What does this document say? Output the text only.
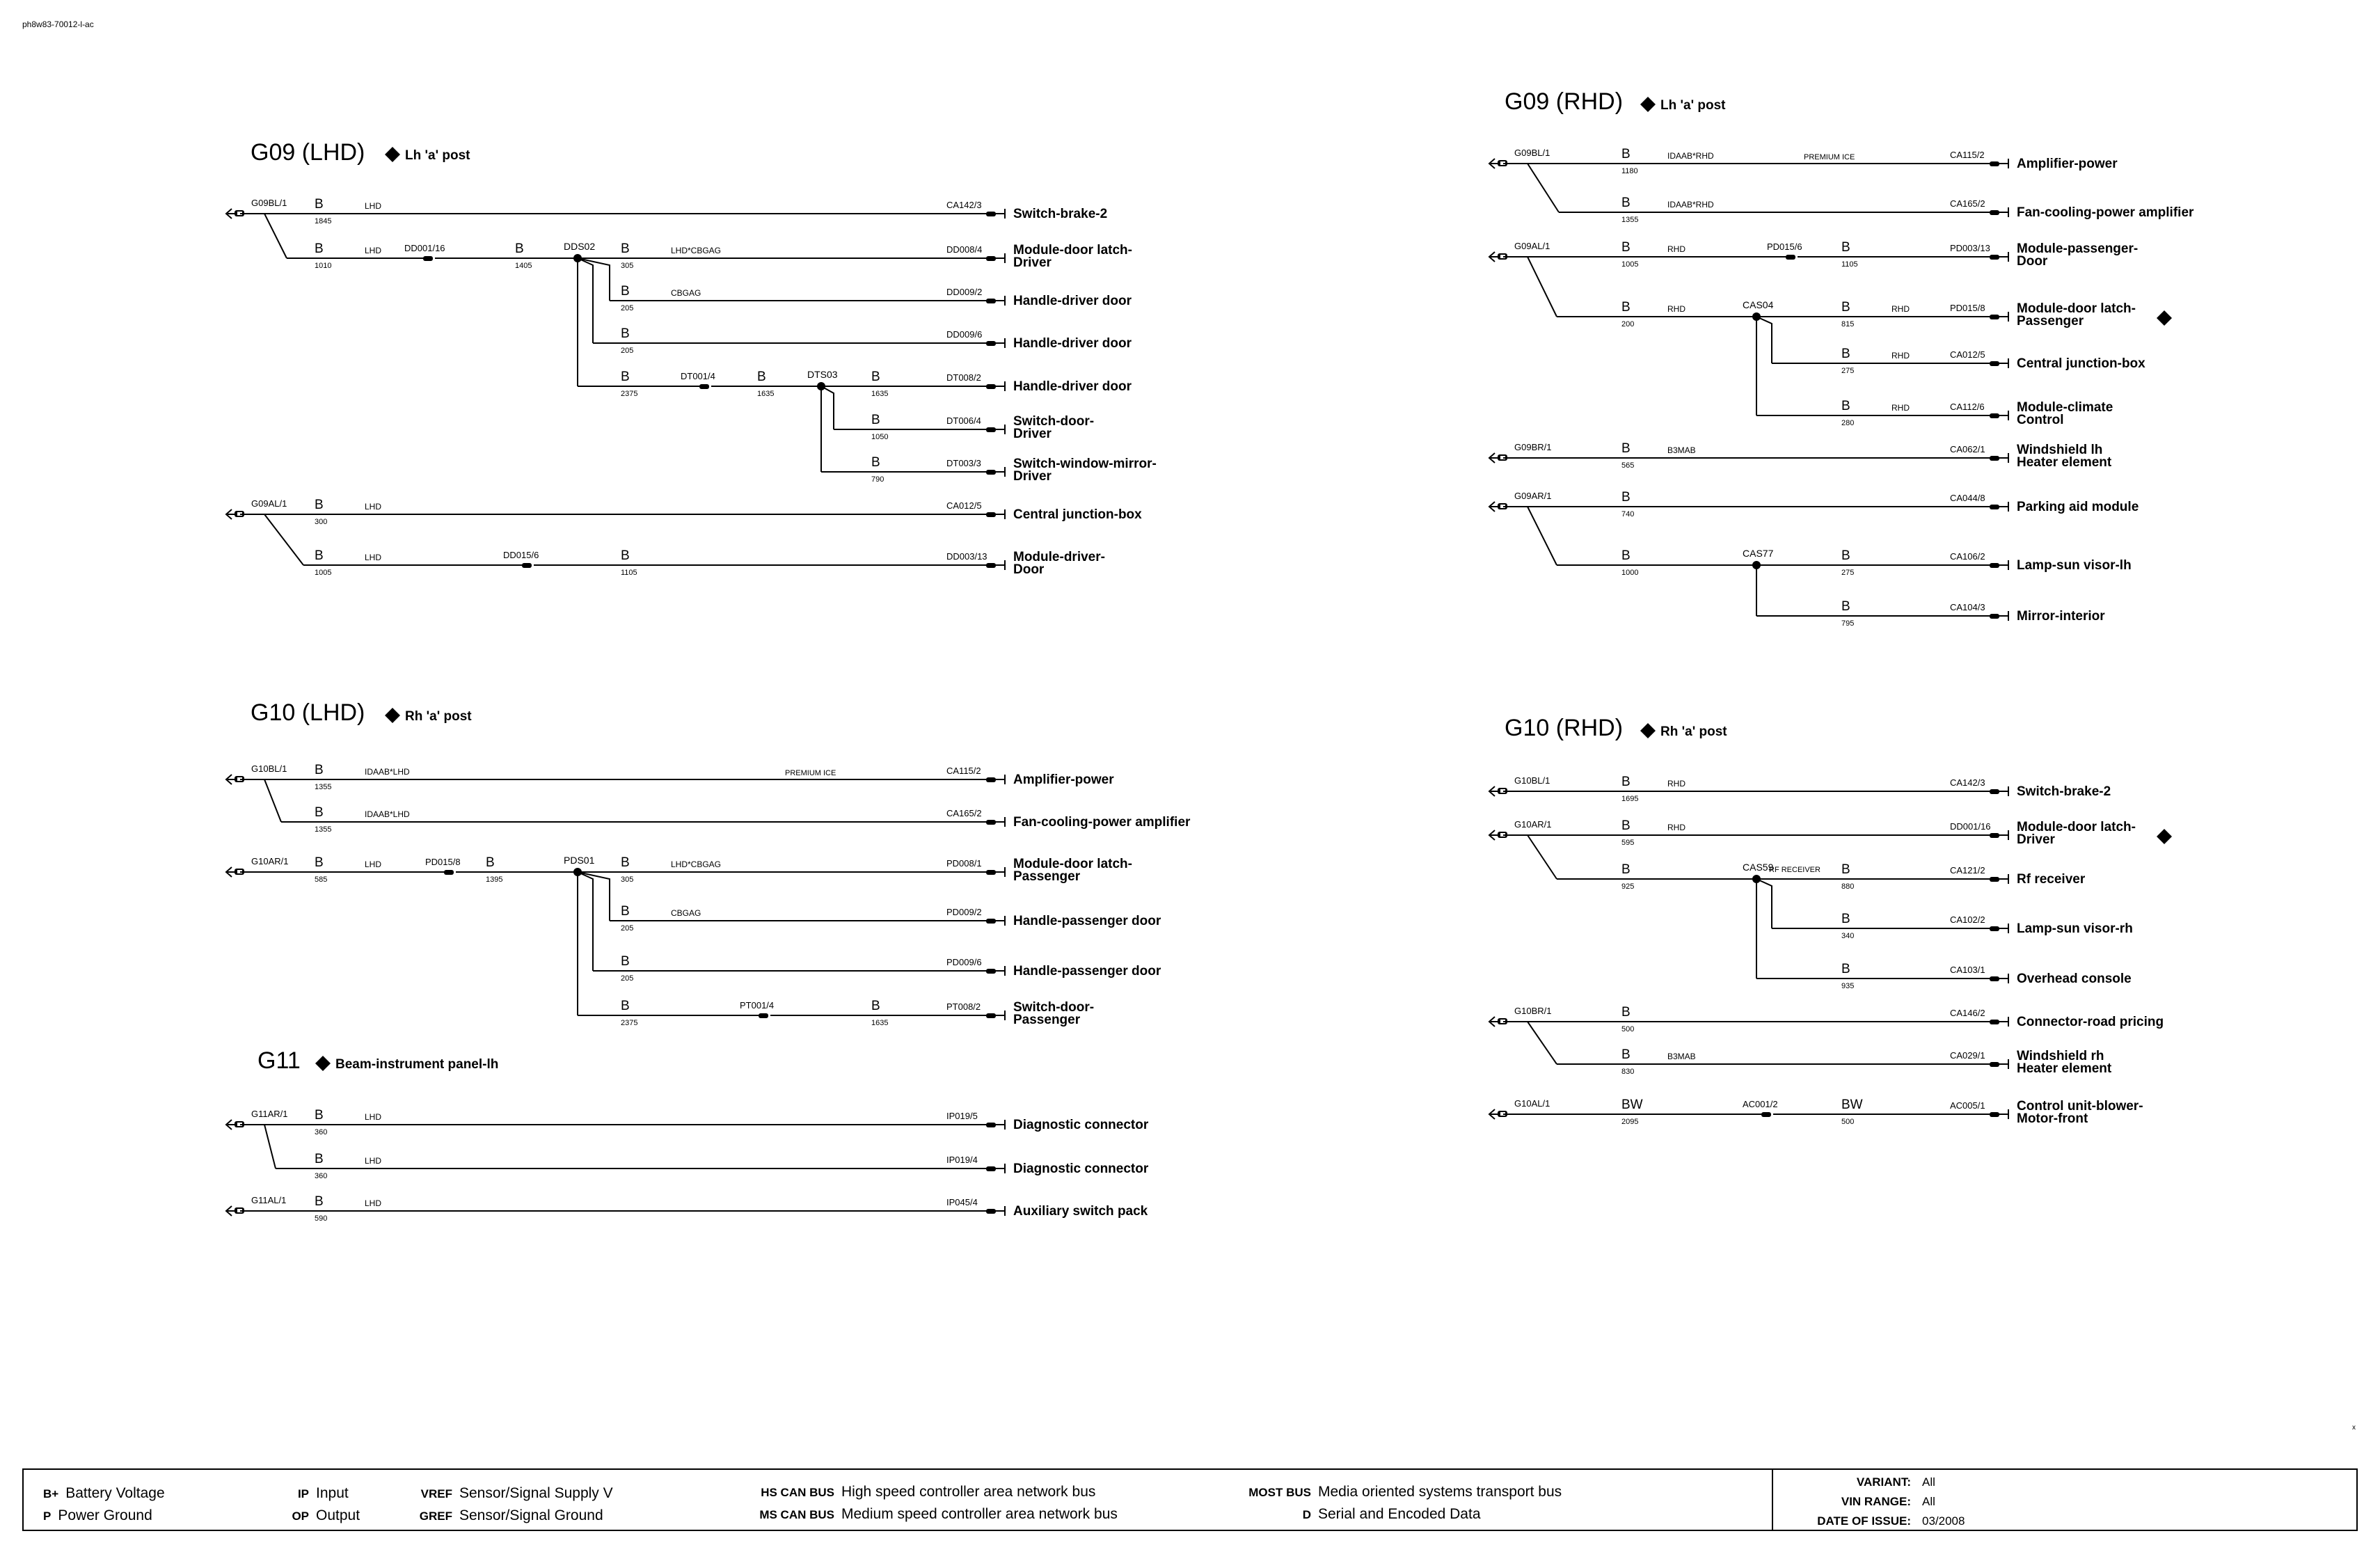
ph8w83-70012-l-ac
G09 (LHD)	Lh 'a' post
G09BL/1 B
1845
LHD	CA142/3
Switch-brake-2
B
1010
LHD	DD001/16	B
1405
DDS02 B
305
LHD*CBGAG	DD008/4 Module-door latch-
Driver
B
205
CBGAG	DD009/2
Handle-driver door
B
205
DD009/6
Handle-driver door
B
2375
DT001/4	B
1635
DTS03	B
1635
DT008/2
Handle-driver door
B
1050
DT006/4 Switch-door-
Driver
B
790
DT003/3 Switch-window-mirror-
Driver
G09AL/1 B
300
LHD	CA012/5
Central junction-box
B
1005
LHD	DD015/6	B
1105
DD003/13 Module-driver-
Door
G10 (LHD)	Rh 'a' post
G10BL/1 B
1355
IDAAB*LHD	PREMIUM ICE	CA115/2
Amplifier-power
B
1355
IDAAB*LHD	CA165/2
Fan-cooling-power amplifier
G10AR/1 B
585
LHD	PD015/8 B
1395
PDS01 B
305
LHD*CBGAG	PD008/1 Module-door latch-
Passenger
B
205
CBGAG	PD009/2
Handle-passenger door
B
205
PD009/6
Handle-passenger door
B
2375
PT001/4	B
1635
PT008/2 Switch-door-
Passenger
G11	Beam-instrument panel-lh
G11AR/1 B
360
LHD	IP019/5
Diagnostic connector
B
360
LHD	IP019/4
Diagnostic connector
G11AL/1 B
590
LHD	IP045/4
Auxiliary switch pack
G09 (RHD)	Lh 'a' post
G09BL/1	B
1180
IDAAB*RHD	PREMIUM ICE	CA115/2
Amplifier-power
B
1355
IDAAB*RHD	CA165/2
Fan-cooling-power amplifier
G09AL/1	B
1005
RHD	PD015/6	B
1105
PD003/13 Module-passenger-
Door
B
200
RHD	CAS04	B
815
RHD	PD015/8 Module-door latch-
Passenger
B
275
RHD	CA012/5
Central junction-box
B
280
RHD	CA112/6 Module-climate
Control
G09BR/1	B
565
B3MAB	CA062/1 Windshield lh
Heater element
G09AR/1	B
740
CA044/8
Parking aid module
B
1000
CAS77	B
275
CA106/2
Lamp-sun visor-lh
B
795
CA104/3
Mirror-interior
G10 (RHD)	Rh 'a' post
G10BL/1	B
1695
RHD	CA142/3
Switch-brake-2
G10AR/1	B
595
RHD	DD001/16 Module-door latch-
Driver
B
925
CAS59
RF RECEIVER B
880
CA121/2
Rf receiver
B
340
CA102/2
Lamp-sun visor-rh
B
935
CA103/1
Overhead console
G10BR/1	B
500
CA146/2
Connector-road pricing
B
830
B3MAB	CA029/1 Windshield rh
Heater element
G10AL/1	BW
2095
AC001/2	BW
500
AC005/1 Control unit-blower-
Motor-front
x
B+ Battery Voltage
P Power Ground
IP Input
OP Output
VREF Sensor/Signal Supply V
GREF Sensor/Signal Ground
HS CAN BUS High speed controller area network bus
MS CAN BUS Medium speed controller area network bus
MOST BUS Media oriented systems transport bus
D Serial and Encoded Data
VARIANT: All
VIN RANGE: All
DATE OF ISSUE: 03/2008
